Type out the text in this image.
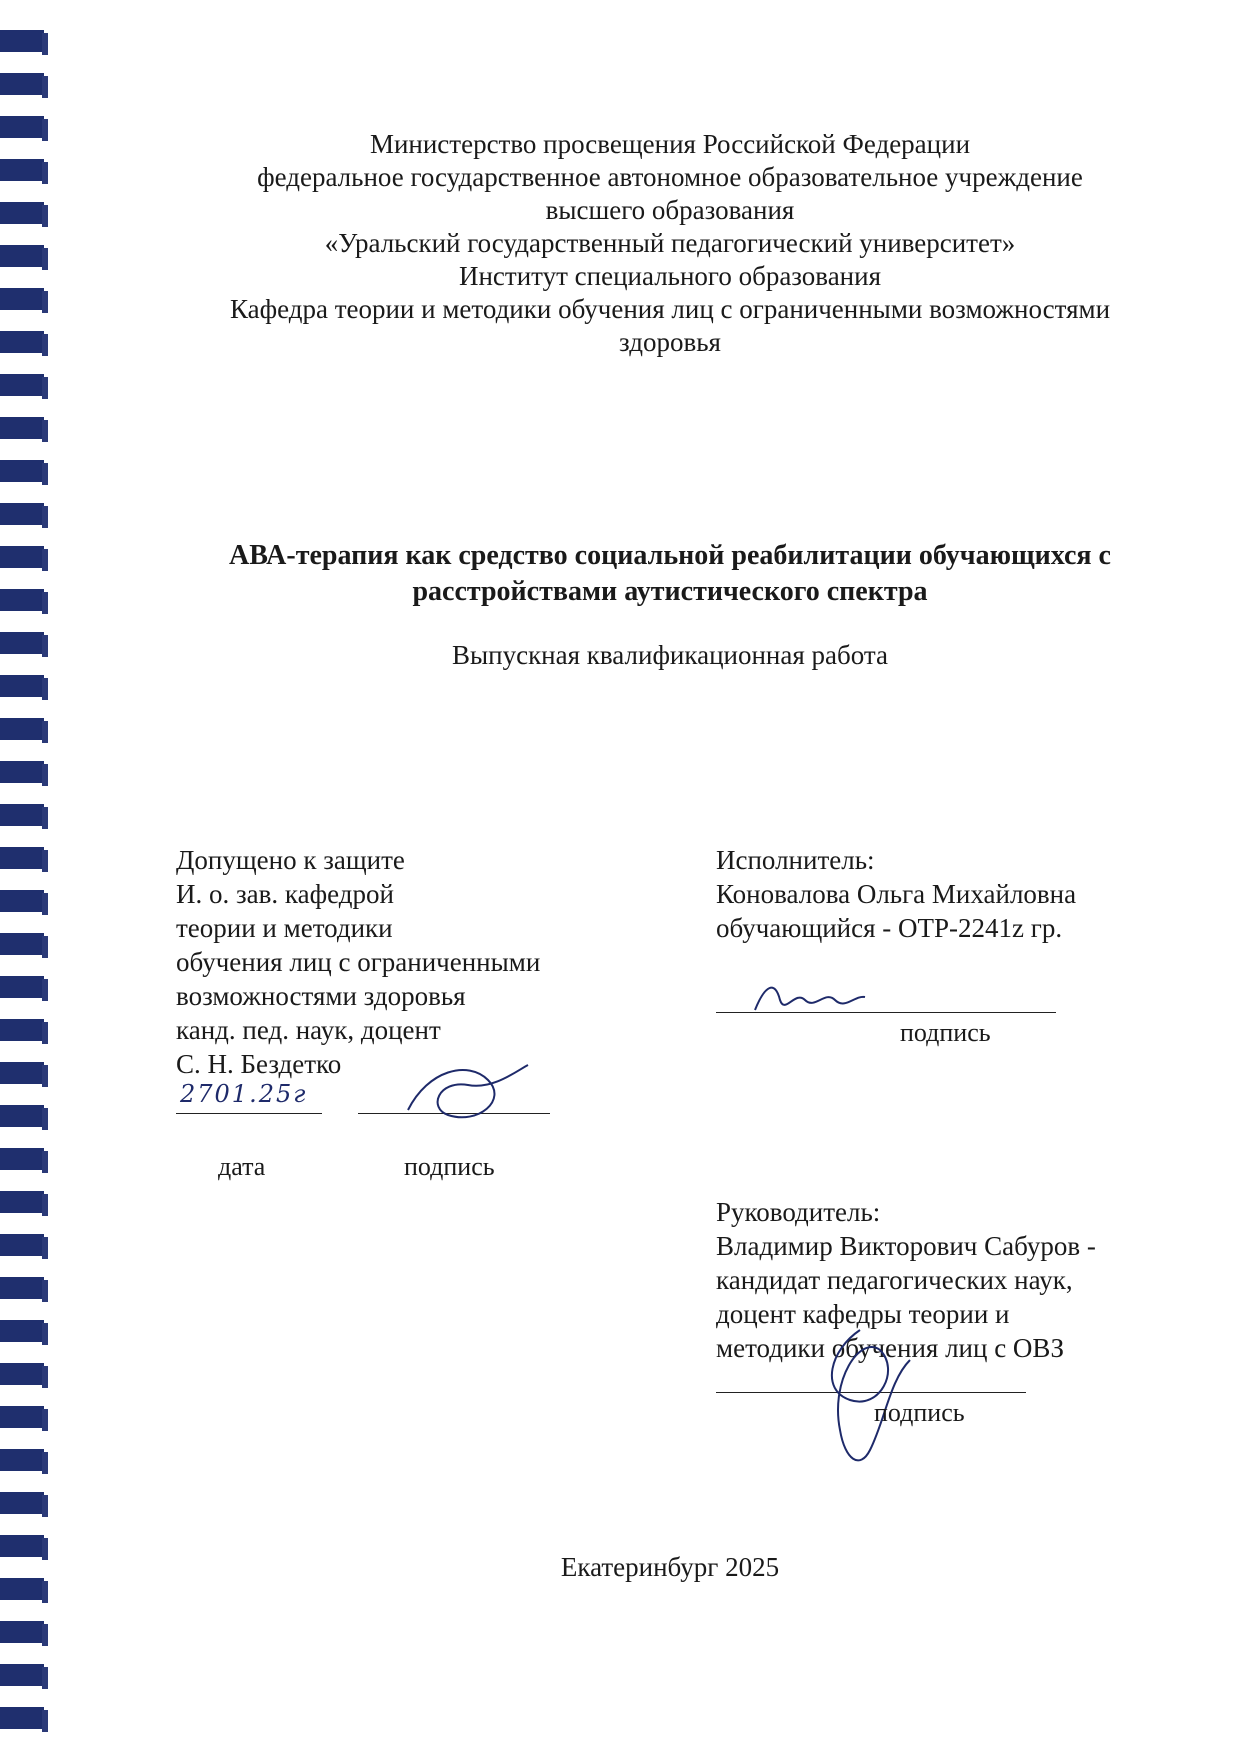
Министерство просвещения Российской Федерации

федеральное государственное автономное образовательное учреждение

высшего образования

«Уральский государственный педагогический университет»

Институт специального образования

Кафедра теории и методики обучения лиц с ограниченными возможностями

здоровья

АВА-терапия как средство социальной реабилитации обучающихся с
расстройствами аутистического спектра
Выпускная квалификационная работа

Допущено к защите

И. о. зав. кафедрой

теории и методики

обучения лиц с ограниченными

возможностями здоровья

канд. пед. наук, доцент

С. Н. Бездетко

2701.25г
дата	подпись

Исполнитель:

Коновалова Ольга Михайловна

обучающийся - ОТР-2241z гр.

подпись

Руководитель:

Владимир Викторович Сабуров -

кандидат педагогических наук,

доцент кафедры теории и

методики обучения лиц с ОВЗ

подпись
Екатеринбург 2025
